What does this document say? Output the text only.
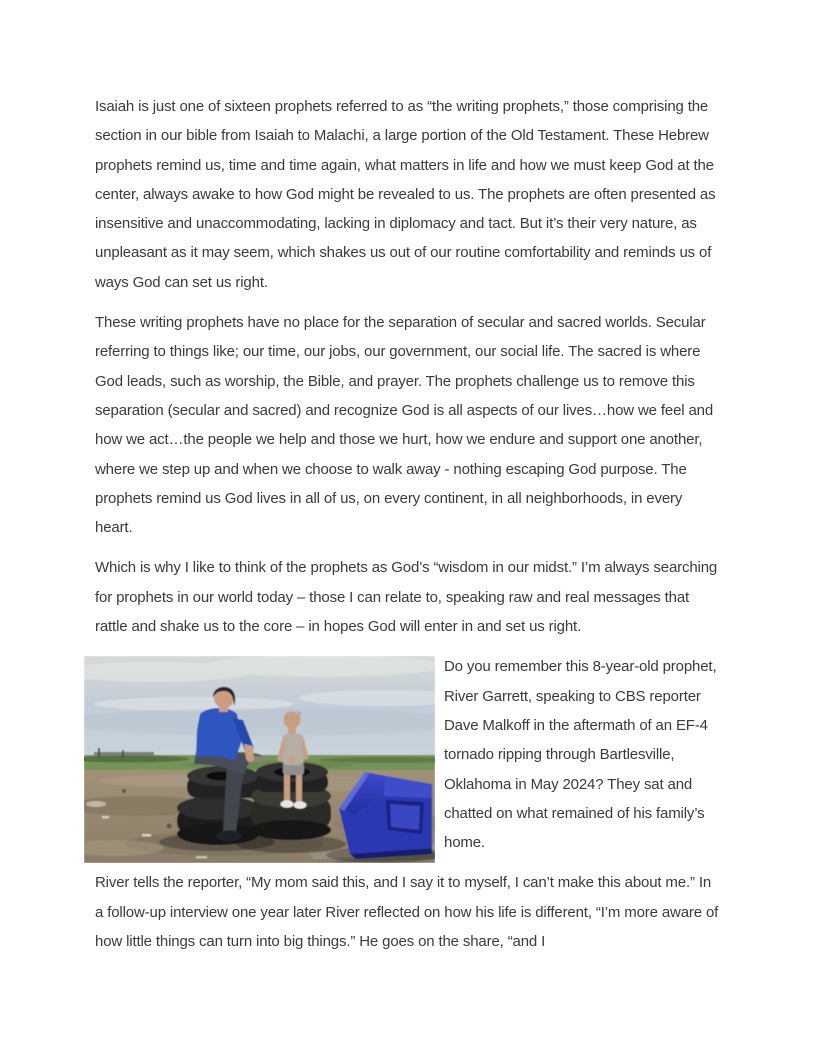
Isaiah is just one of sixteen prophets referred to as “the writing prophets,” those comprising the section in our bible from Isaiah to Malachi, a large portion of the Old Testament. These Hebrew prophets remind us, time and time again, what matters in life and how we must keep God at the center, always awake to how God might be revealed to us. The prophets are often presented as insensitive and unaccommodating, lacking in diplomacy and tact. But it’s their very nature, as unpleasant as it may seem, which shakes us out of our routine comfortability and reminds us of ways God can set us right.

These writing prophets have no place for the separation of secular and sacred worlds. Secular referring to things like; our time, our jobs, our government, our social life. The sacred is where God leads, such as worship, the Bible, and prayer. The prophets challenge us to remove this separation (secular and sacred) and recognize God is all aspects of our lives…how we feel and how we act…the people we help and those we hurt, how we endure and support one another, where we step up and when we choose to walk away - nothing escaping God purpose. The prophets remind us God lives in all of us, on every continent, in all neighborhoods, in every heart.

Which is why I like to think of the prophets as God’s “wisdom in our midst.” I’m always searching for prophets in our world today – those I can relate to, speaking raw and real messages that rattle and shake us to the core – in hopes God will enter in and set us right.

Do you remember this 8-year-old prophet, River Garrett, speaking to CBS reporter Dave Malkoff in the aftermath of an EF-4 tornado ripping through Bartlesville, Oklahoma in May 2024? They sat and chatted on what remained of his family’s home.

River tells the reporter, “My mom said this, and I say it to myself, I can’t make this about me.” In a follow-up interview one year later River reflected on how his life is different, “I’m more aware of how little things can turn into big things.” He goes on the share, “and I
